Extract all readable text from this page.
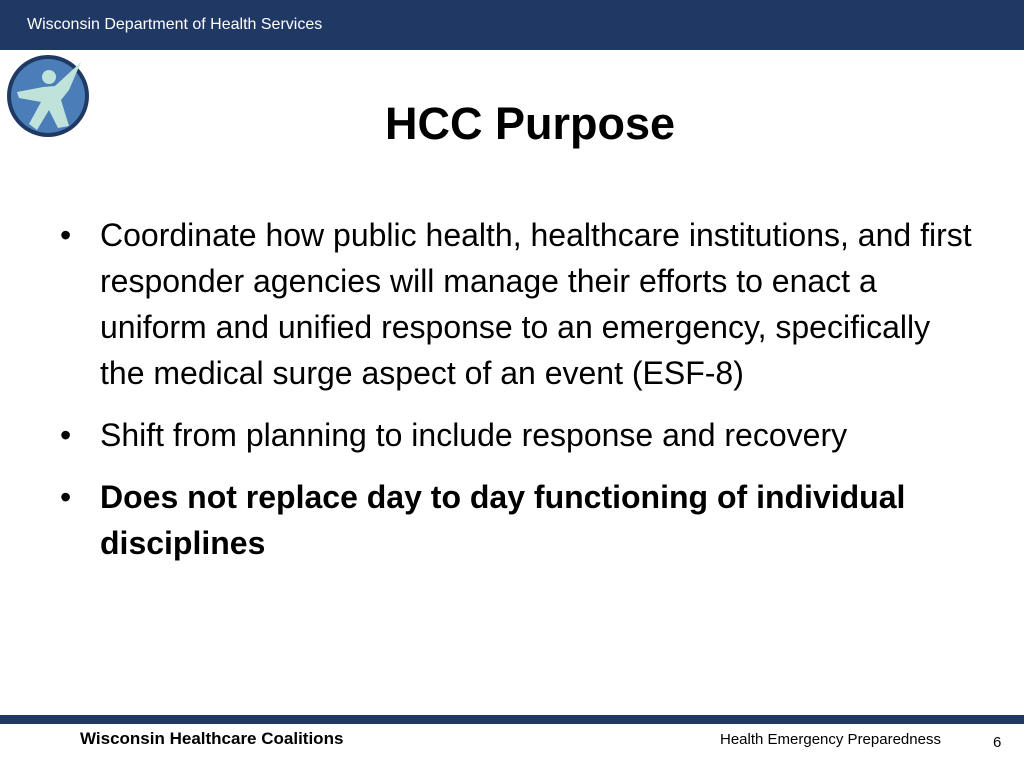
Wisconsin Department of Health Services
HCC Purpose
• Coordinate how public health, healthcare institutions, and first responder agencies will manage their efforts to enact a uniform and unified response to an emergency, specifically the medical surge aspect of an event (ESF-8)
• Shift from planning to include response and recovery
• Does not replace day to day functioning of individual disciplines
Wisconsin Healthcare Coalitions	Health Emergency Preparedness	6
